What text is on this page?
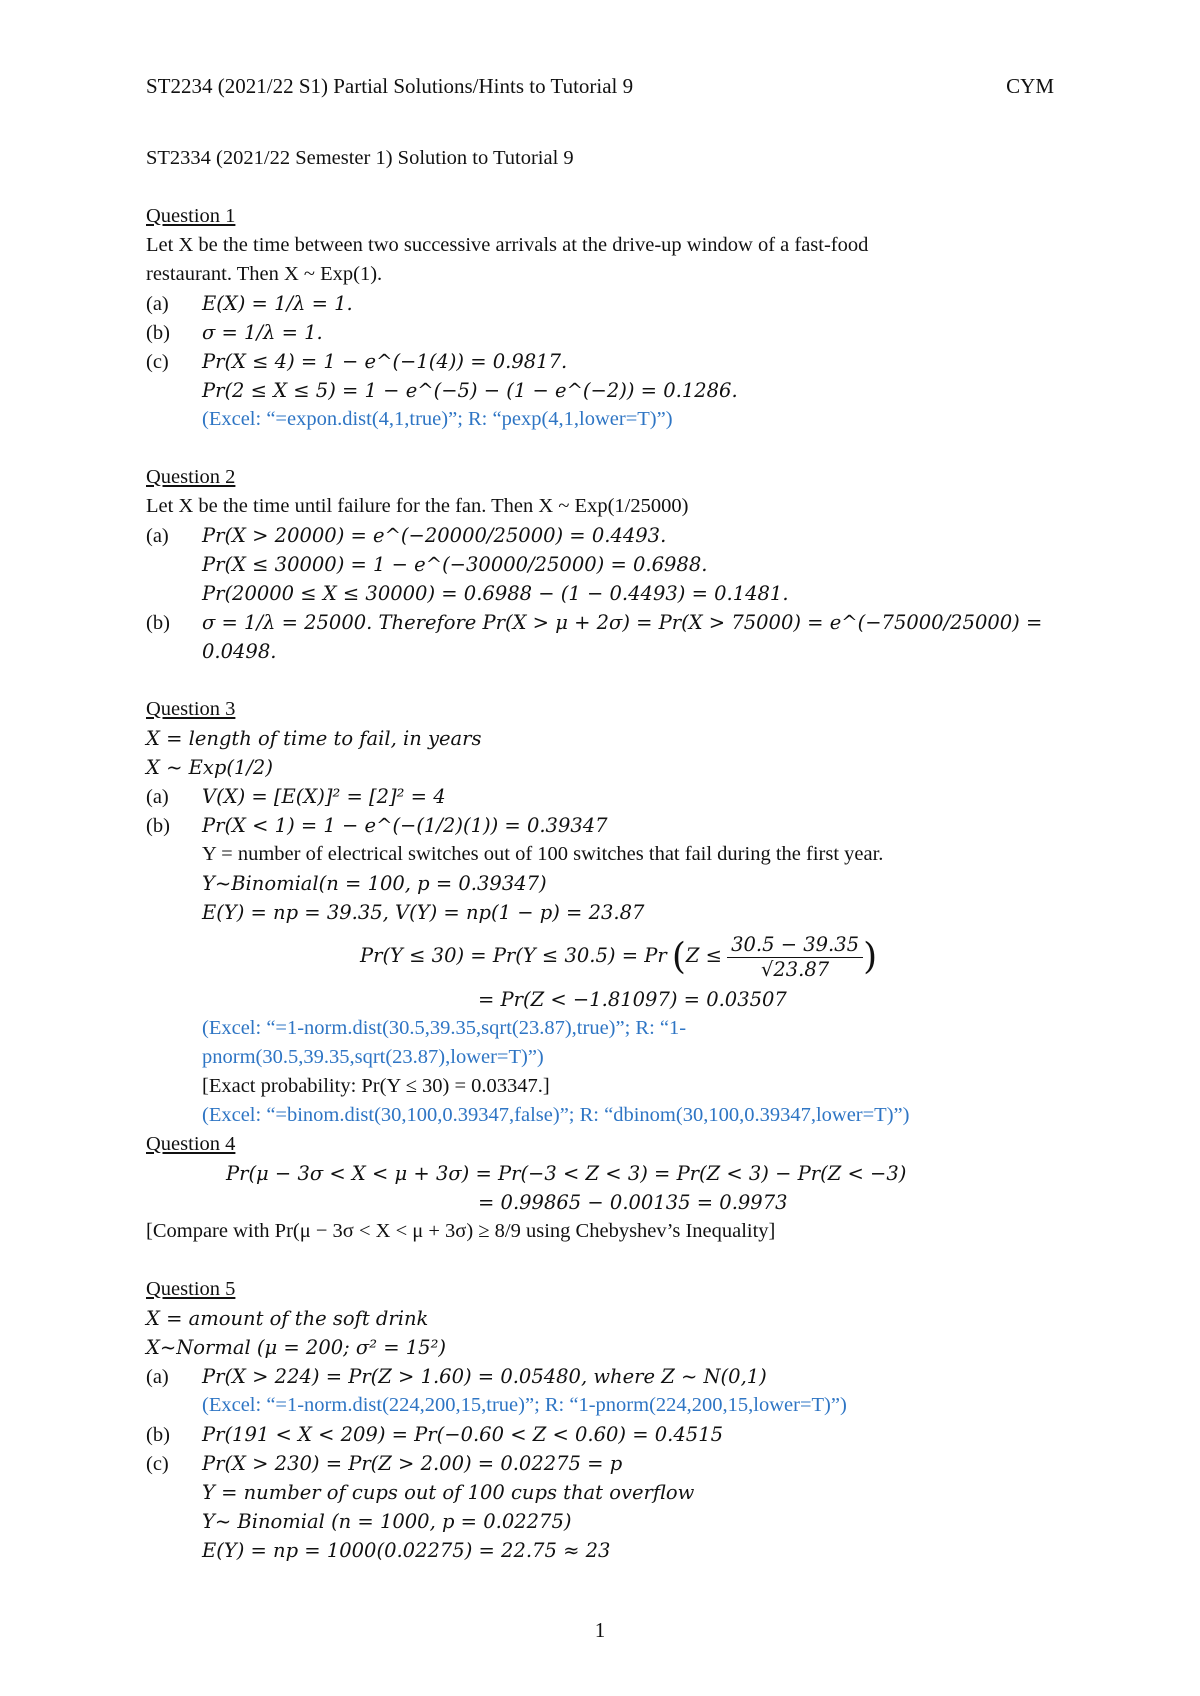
ST2234 (2021/22 S1) Partial Solutions/Hints to Tutorial 9	CYM
ST2334 (2021/22 Semester 1) Solution to Tutorial 9
Question 1
Let X be the time between two successive arrivals at the drive-up window of a fast-food
restaurant. Then X ~ Exp(1).
(a) E(X) = 1/λ = 1.
(b) σ = 1/λ = 1.
(c) Pr(X ≤ 4) = 1 − e^(−1(4)) = 0.9817.
Pr(2 ≤ X ≤ 5) = 1 − e^(−5) − (1 − e^(−2)) = 0.1286.
(Excel: “=expon.dist(4,1,true)”; R: “pexp(4,1,lower=T)”)
Question 2
Let X be the time until failure for the fan. Then X ~ Exp(1/25000)
(a) Pr(X > 20000) = e^(−20000/25000) = 0.4493.
Pr(X ≤ 30000) = 1 − e^(−30000/25000) = 0.6988.
Pr(20000 ≤ X ≤ 30000) = 0.6988 − (1 − 0.4493) = 0.1481.
(b) σ = 1/λ = 25000. Therefore Pr(X > μ + 2σ) = Pr(X > 75000) = e^(−75000/25000) =
0.0498.
Question 3
X = length of time to fail, in years
X ~ Exp(1/2)
(a) V(X) = [E(X)]² = [2]² = 4
(b) Pr(X < 1) = 1 − e^(−(1/2)(1)) = 0.39347
Y = number of electrical switches out of 100 switches that fail during the first year.
Y~Binomial(n = 100, p = 0.39347)
E(Y) = np = 39.35, V(Y) = np(1 − p) = 23.87
Pr(Y ≤ 30) = Pr(Y ≤ 30.5) = Pr ($Z \le \frac{30.5 - 39.35}{√23.87}$ )
= Pr(Z < −1.81097) = 0.03507
(Excel: “=1-norm.dist(30.5,39.35,sqrt(23.87),true)”; R: “1-
pnorm(30.5,39.35,sqrt(23.87),lower=T)”)
[Exact probability: Pr(Y ≤ 30) = 0.03347.]
(Excel: “=binom.dist(30,100,0.39347,false)”; R: “dbinom(30,100,0.39347,lower=T)”)
Question 4
Pr(μ − 3σ < X < μ + 3σ) = Pr(−3 < Z < 3) = Pr(Z < 3) − Pr(Z < −3)
= 0.99865 − 0.00135 = 0.9973
[Compare with Pr(μ − 3σ < X < μ + 3σ) ≥ 8/9 using Chebyshev’s Inequality]
Question 5
X = amount of the soft drink
X~Normal (μ = 200; σ² = 15²)
(a) Pr(X > 224) = Pr(Z > 1.60) = 0.05480, where Z ~ N(0,1)
(Excel: “=1-norm.dist(224,200,15,true)”; R: “1-pnorm(224,200,15,lower=T)”)
(b) Pr(191 < X < 209) = Pr(−0.60 < Z < 0.60) = 0.4515
(c) Pr(X > 230) = Pr(Z > 2.00) = 0.02275 = p
Y = number of cups out of 100 cups that overflow
Y~ Binomial (n = 1000, p = 0.02275)
E(Y) = np = 1000(0.02275) = 22.75 ≈ 23
1
